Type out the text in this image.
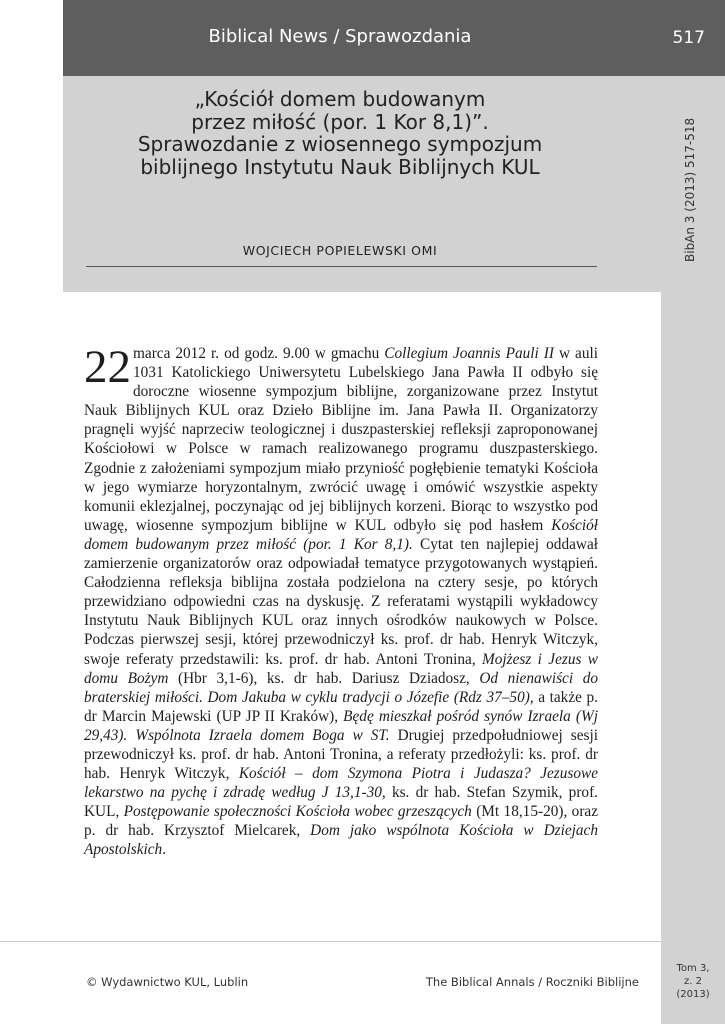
Biblical News / Sprawozdania	517
„Kościół domem budowanym
przez miłość (por. 1 Kor 8,1)”.
Sprawozdanie z wiosennego sympozjum
biblijnego Instytutu Nauk Biblijnych KUL
WOJCIECH POPIELEWSKI OMI	BibAn 3 (2013) 517-518

22 marca 2012 r. od godz. 9.00 w gmachu Collegium Joannis Pauli II w auli 1031 Katolickiego Uniwersytetu Lubelskiego Jana Pawła II odbyło się doroczne wiosenne sympozjum biblijne, zorganizowane przez Instytut Nauk Biblijnych KUL oraz Dzieło Biblijne im. Jana Pawła II. Organizatorzy pragnęli wyjść naprzeciw teologicznej i duszpasterskiej refleksji zaproponowanej Kościołowi w Polsce w ramach realizowanego programu duszpasterskiego. Zgodnie z założeniami sympozjum miało przyniość pogłębienie tematyki Kościoła w jego wymiarze horyzontalnym, zwrócić uwagę i omówić wszystkie aspekty komunii eklezjalnej, poczynając od jej biblijnych korzeni. Biorąc to wszystko pod uwagę, wiosenne sympozjum biblijne w KUL odbyło się pod hasłem Kościół domem budowanym przez miłość (por. 1 Kor 8,1). Cytat ten najlepiej oddawał zamierzenie organizatorów oraz odpowiadał tematyce przygotowanych wystąpień. Całodzienna refleksja biblijna została podzielona na cztery sesje, po których przewidziano odpowiedni czas na dyskusję. Z referatami wystąpili wykładowcy Instytutu Nauk Biblijnych KUL oraz innych ośrodków naukowych w Polsce. Podczas pierwszej sesji, której przewodniczył ks. prof. dr hab. Henryk Witczyk, swoje referaty przedstawili: ks. prof. dr hab. Antoni Tronina, Mojżesz i Jezus w domu Bożym (Hbr 3,1-6), ks. dr hab. Dariusz Dziadosz, Od nienawiści do braterskiej miłości. Dom Jakuba w cyklu tradycji o Józefie (Rdz 37–50), a także p. dr Marcin Majewski (UP JP II Kraków), Będę mieszkał pośród synów Izraela (Wj 29,43). Wspólnota Izraela domem Boga w ST. Drugiej przedpołudniowej sesji przewodniczył ks. prof. dr hab. Antoni Tronina, a referaty przedłożyli: ks. prof. dr hab. Henryk Witczyk, Kościół – dom Szymona Piotra i Judasza? Jezusowe lekarstwo na pychę i zdradę według J 13,1-30, ks. dr hab. Stefan Szymik, prof. KUL, Postępowanie społeczności Kościoła wobec grzeszących (Mt 18,15-20), oraz p. dr hab. Krzysztof Mielcarek, Dom jako wspólnota Kościoła w Dziejach Apostolskich.

© Wydawnictwo KUL, Lublin	The Biblical Annals / Roczniki Biblijne
Tom 3,
z. 2
(2013)
